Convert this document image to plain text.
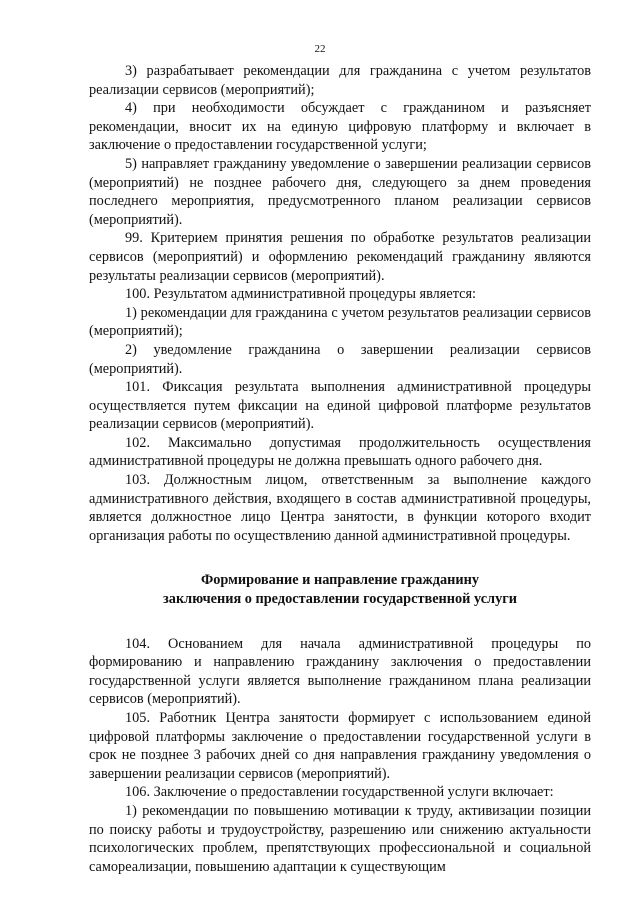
22

3) разрабатывает рекомендации для гражданина с учетом результатов реализации сервисов (мероприятий);

4) при необходимости обсуждает с гражданином и разъясняет рекомендации, вносит их на единую цифровую платформу и включает в заключение о предоставлении государственной услуги;

5) направляет гражданину уведомление о завершении реализации сервисов (мероприятий) не позднее рабочего дня, следующего за днем проведения последнего мероприятия, предусмотренного планом реализации сервисов (мероприятий).

99. Критерием принятия решения по обработке результатов реализации сервисов (мероприятий) и оформлению рекомендаций гражданину являются результаты реализации сервисов (мероприятий).

100. Результатом административной процедуры является:

1) рекомендации для гражданина с учетом результатов реализации сервисов (мероприятий);

2) уведомление гражданина о завершении реализации сервисов (мероприятий).

101. Фиксация результата выполнения административной процедуры осуществляется путем фиксации на единой цифровой платформе результатов реализации сервисов (мероприятий).

102. Максимально допустимая продолжительность осуществления административной процедуры не должна превышать одного рабочего дня.

103. Должностным лицом, ответственным за выполнение каждого административного действия, входящего в состав административной процедуры, является должностное лицо Центра занятости, в функции которого входит организация работы по осуществлению данной административной процедуры.

Формирование и направление гражданину

заключения о предоставлении государственной услуги

104. Основанием для начала административной процедуры по формированию и направлению гражданину заключения о предоставлении государственной услуги является выполнение гражданином плана реализации сервисов (мероприятий).

105. Работник Центра занятости формирует с использованием единой цифровой платформы заключение о предоставлении государственной услуги в срок не позднее 3 рабочих дней со дня направления гражданину уведомления о завершении реализации сервисов (мероприятий).

106. Заключение о предоставлении государственной услуги включает:

1) рекомендации по повышению мотивации к труду, активизации позиции по поиску работы и трудоустройству, разрешению или снижению актуальности психологических проблем, препятствующих профессиональной и социальной самореализации, повышению адаптации к существующим
